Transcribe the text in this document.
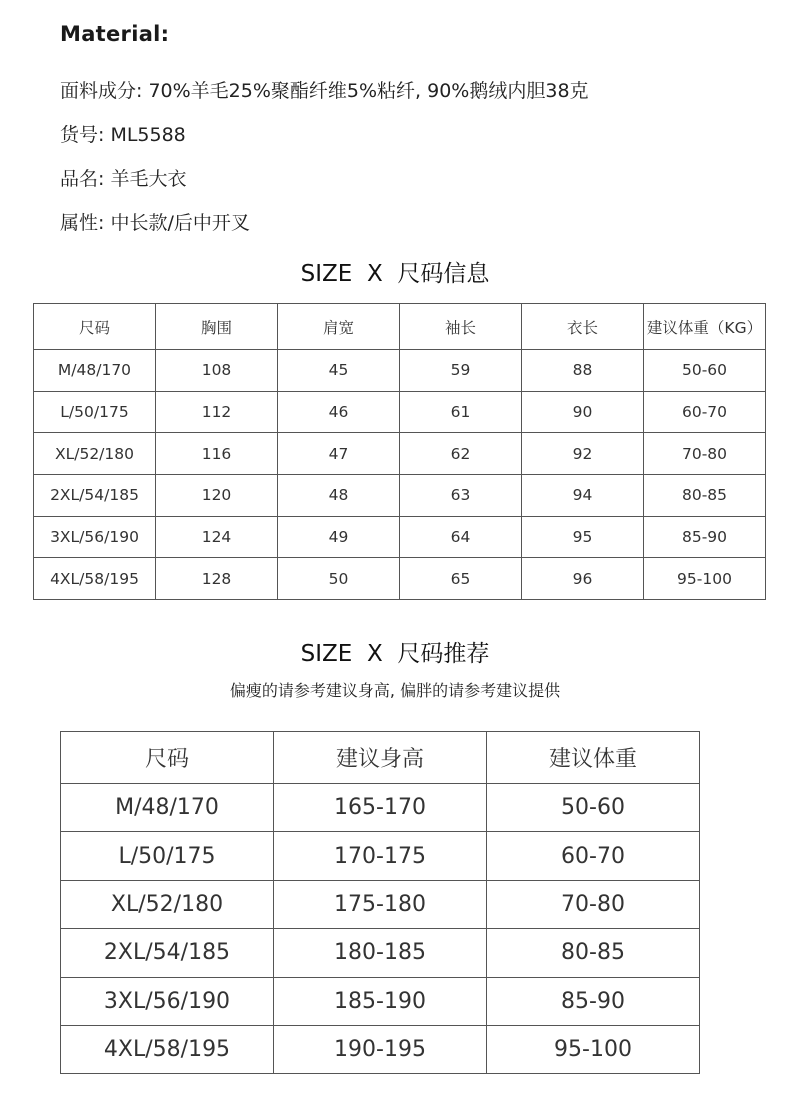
Material:
面料成分: 70%羊毛25%聚酯纤维5%粘纤, 90%鹅绒内胆38克
货号: ML5588
品名: 羊毛大衣
属性: 中长款/后中开叉
SIZE  X  尺码信息
尺码	胸围	肩宽	袖长	衣长	建议体重（KG）
M/48/170	108	45	59	88	50-60
L/50/175	112	46	61	90	60-70
XL/52/180	116	47	62	92	70-80
2XL/54/185	120	48	63	94	80-85
3XL/56/190	124	49	64	95	85-90
4XL/58/195	128	50	65	96	95-100
SIZE  X  尺码推荐
偏瘦的请参考建议身高, 偏胖的请参考建议提供
尺码	建议身高	建议体重
M/48/170	165-170	50-60
L/50/175	170-175	60-70
XL/52/180	175-180	70-80
2XL/54/185	180-185	80-85
3XL/56/190	185-190	85-90
4XL/58/195	190-195	95-100
